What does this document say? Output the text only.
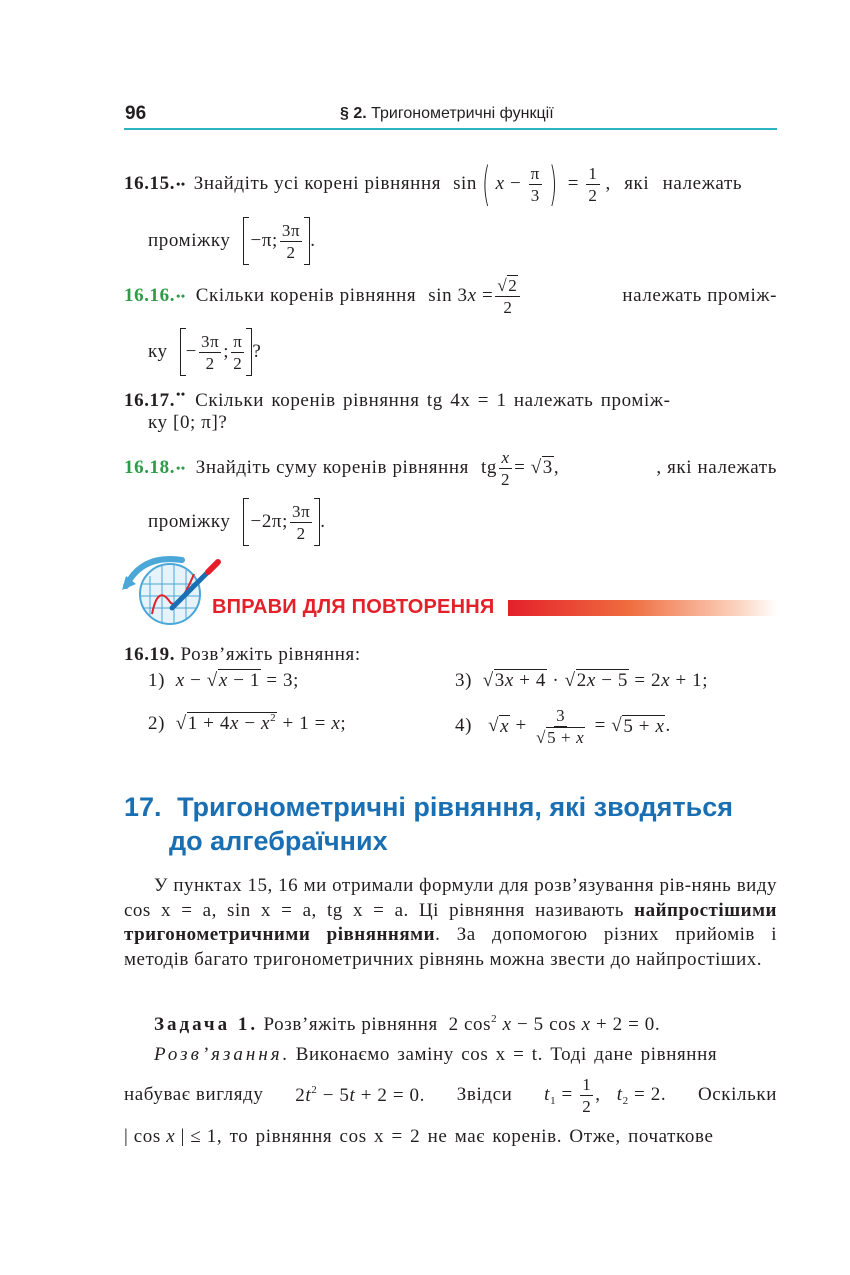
96	§ 2. Тригонометричні функції
16.15. •• Знайдіть усі корені рівняння sin ( $x - \frac{\pi}{3}$ ) = $\frac{1}{2}$ , які належать
проміжку −π; $\frac{3\pi}{2}$ .
16.16. •• Скільки коренів рівняння $\sin 3x = \frac{√2}{2}$	належать проміж-
ку − $\frac{3\pi}{2}$ ; $\frac{\pi}{2}$ ?
16.17.•• Скільки коренів рівняння tg 4x = 1 належать проміж-
ку [0; π]?
16.18. •• Знайдіть суму коренів рівняння tg $\frac{x}{2} = √3$,	, які належать
проміжку −2π; $\frac{3\pi}{2}$ .
ВПРАВИ ДЛЯ ПОВТОРЕННЯ
16.19. Розв’яжіть рівняння:
1) x − √x − 1 = 3;	3)  √3x + 4 · √2x − 5 = 2x + 1;
2)  $√1 + 4x - x^2 + 1 = x$;	4) √ $x + \frac{3}{√5 + x}$ = √ 5 + x .
17. Тригонометричні рівняння, які зводяться
до алгебраїчних
У пунктах 15, 16 ми отримали формули для розв’язування рів-нянь виду cos x = a, sin x = a, tg x = a. Ці рівняння називають найпростішими тригонометричними рівняннями. За допомогою різних прийомів і методів багато тригонометричних рівнянь можна звести до найпростіших.
Задача 1. Розв’яжіть рівняння  2 $\cos^2 x - 5$ cos x + 2 = 0.
Розв’язання. Виконаємо заміну cos x = t. Тоді дане рівняння
набуває вигляду $2t^2 - 5t + 2 = 0$. Звідси $t_1 = \frac{1}{2}$ ,   $t_2 = 2$. Оскільки
| cos x | ≤ 1, то рівняння cos x = 2 не має коренів. Отже, початкове
